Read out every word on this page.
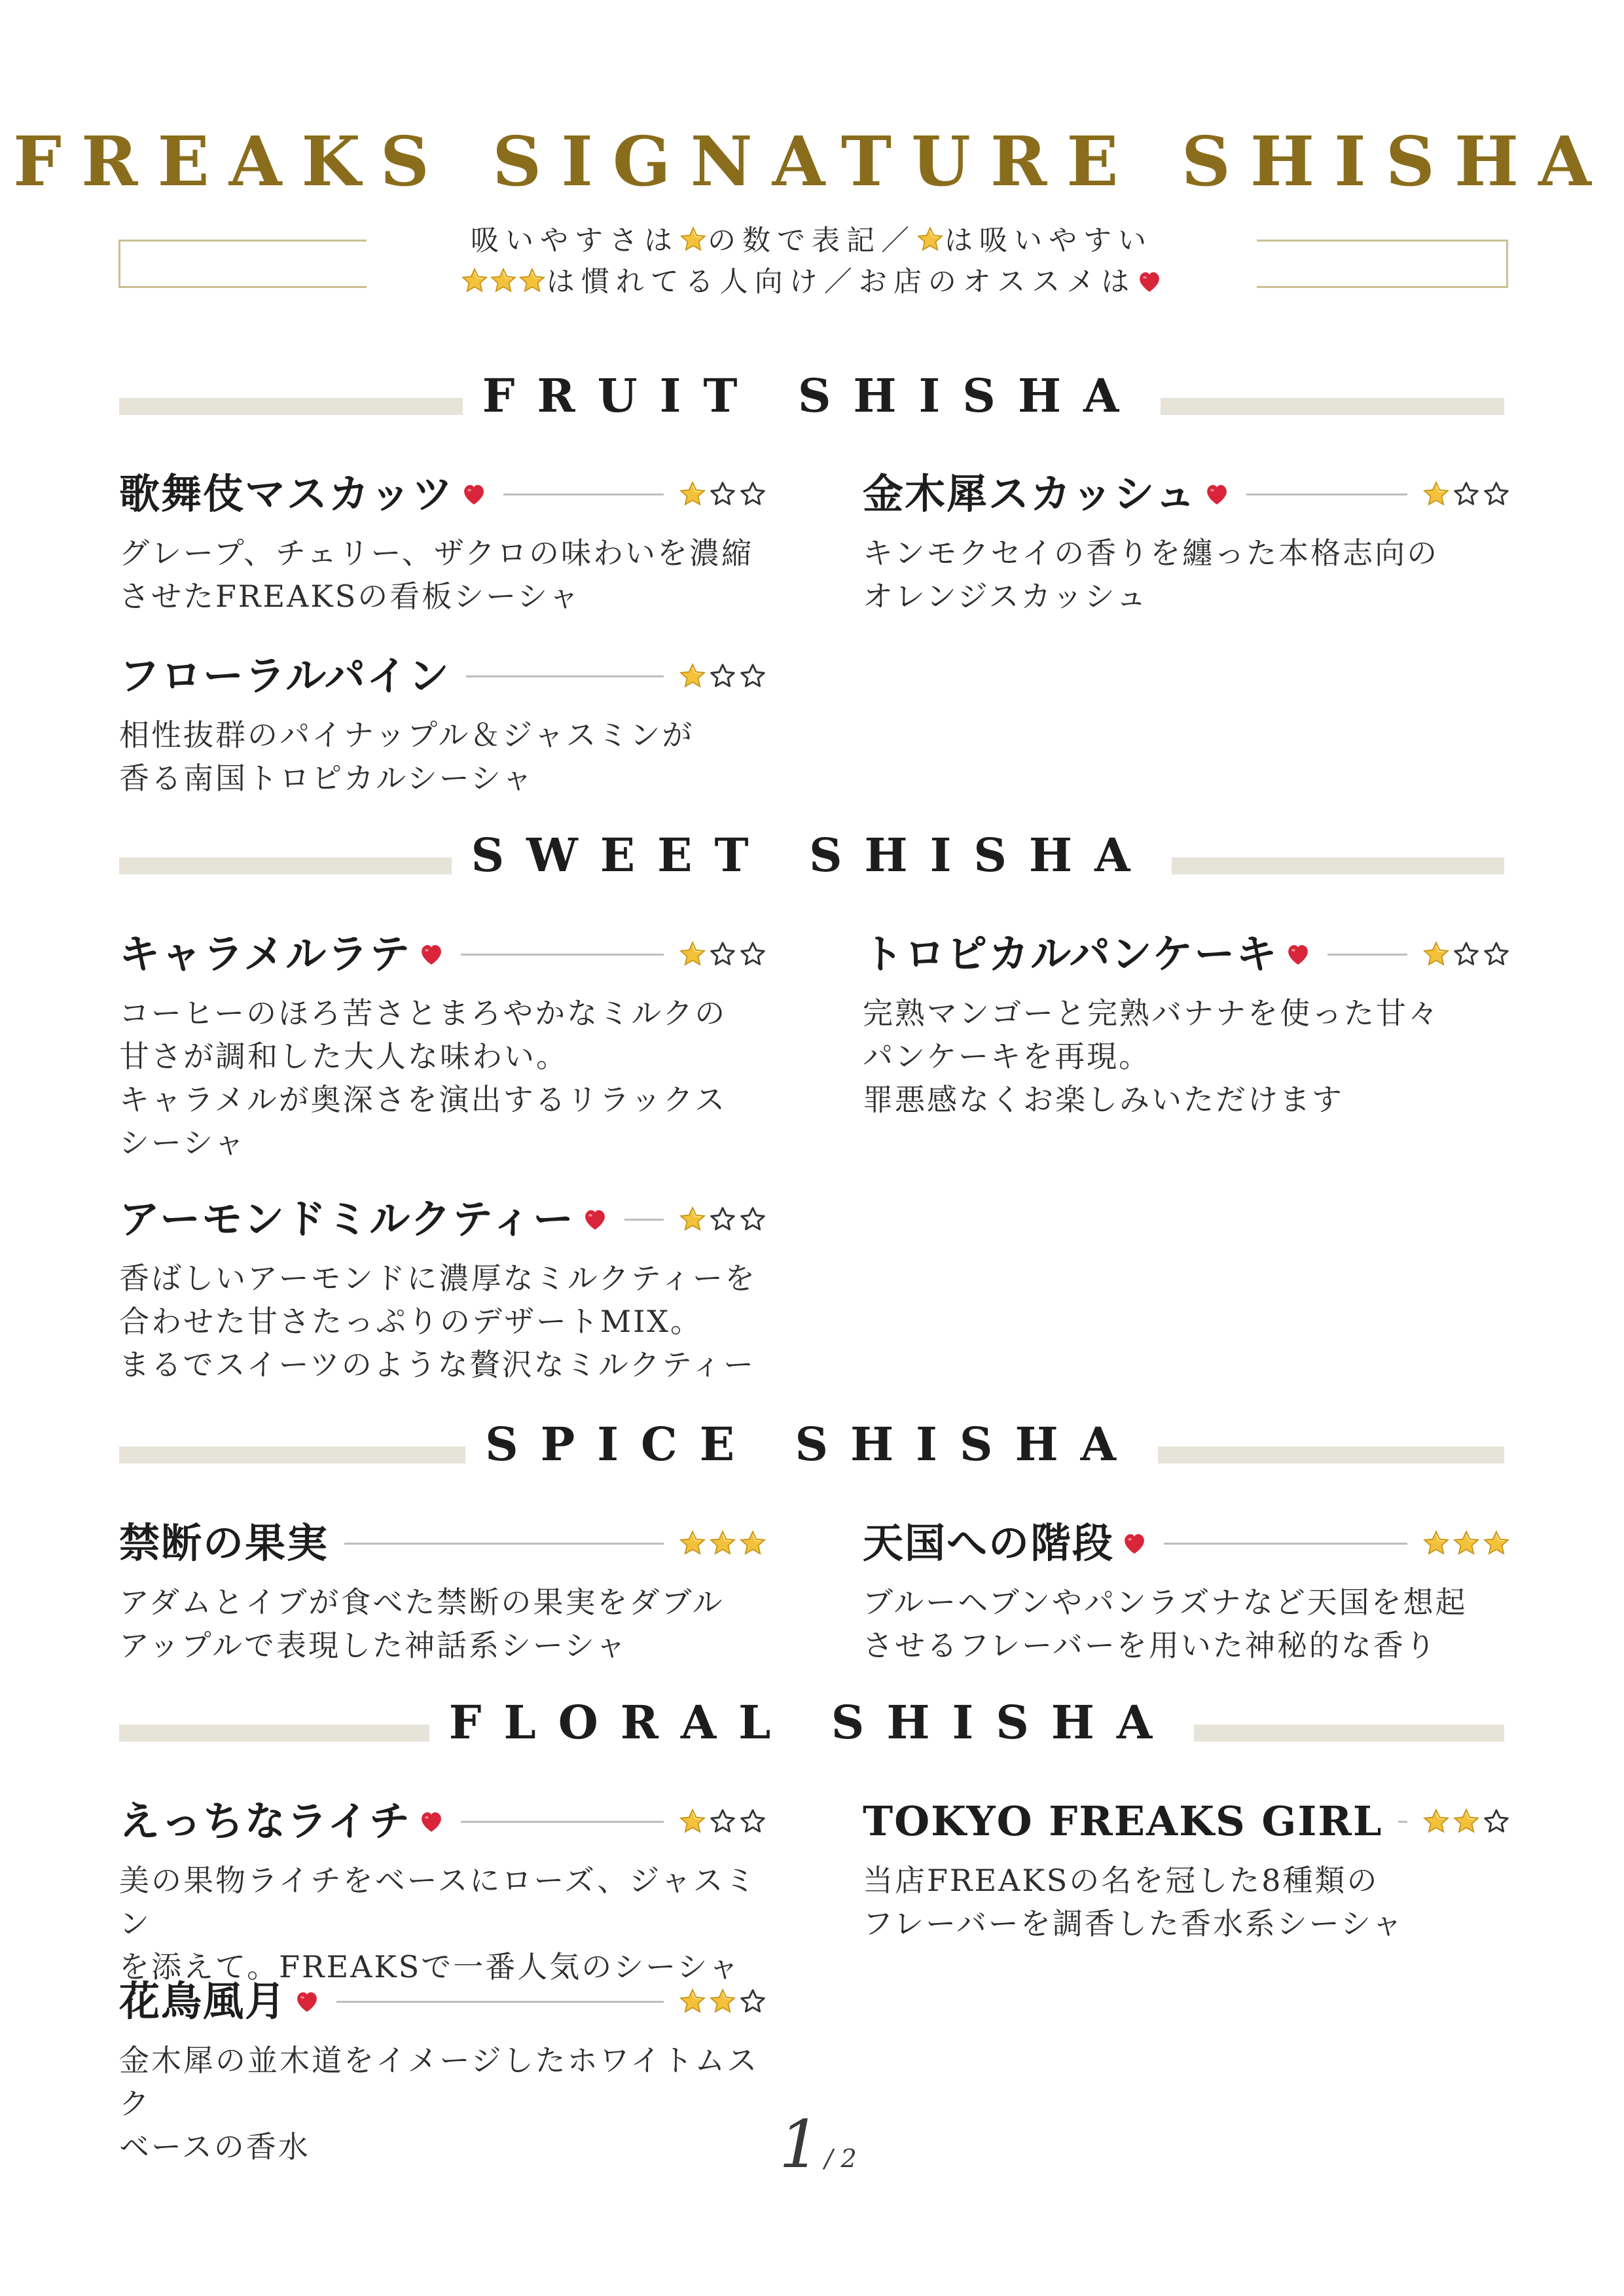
FREAKS SIGNATURE SHISHA
吸いやすさは の数で表記／ は吸いやすい
は慣れてる人向け／お店のオススメは
FRUIT SHISHA
歌舞伎マスカッツ
グレープ、チェリー、ザクロの味わいを濃縮
させたFREAKSの看板シーシャ
金木犀スカッシュ
キンモクセイの香りを纏った本格志向の
オレンジスカッシュ
フローラルパイン
相性抜群のパイナップル＆ジャスミンが
香る南国トロピカルシーシャ
SWEET SHISHA
キャラメルラテ
コーヒーのほろ苦さとまろやかなミルクの
甘さが調和した大人な味わい。
キャラメルが奥深さを演出するリラックス
シーシャ
トロピカルパンケーキ
完熟マンゴーと完熟バナナを使った甘々
パンケーキを再現。
罪悪感なくお楽しみいただけます
アーモンドミルクティー
香ばしいアーモンドに濃厚なミルクティーを
合わせた甘さたっぷりのデザートMIX。
まるでスイーツのような贅沢なミルクティー
SPICE SHISHA
禁断の果実
アダムとイブが食べた禁断の果実をダブル
アップルで表現した神話系シーシャ
天国への階段
ブルーヘブンやパンラズナなど天国を想起
させるフレーバーを用いた神秘的な香り
FLORAL SHISHA
えっちなライチ
美の果物ライチをベースにローズ、ジャスミン
を添えて。FREAKSで一番人気のシーシャ
TOKYO FREAKS GIRL
当店FREAKSの名を冠した8種類の
フレーバーを調香した香水系シーシャ
花鳥風月
金木犀の並木道をイメージしたホワイトムスク
ベースの香水	1 / 2
